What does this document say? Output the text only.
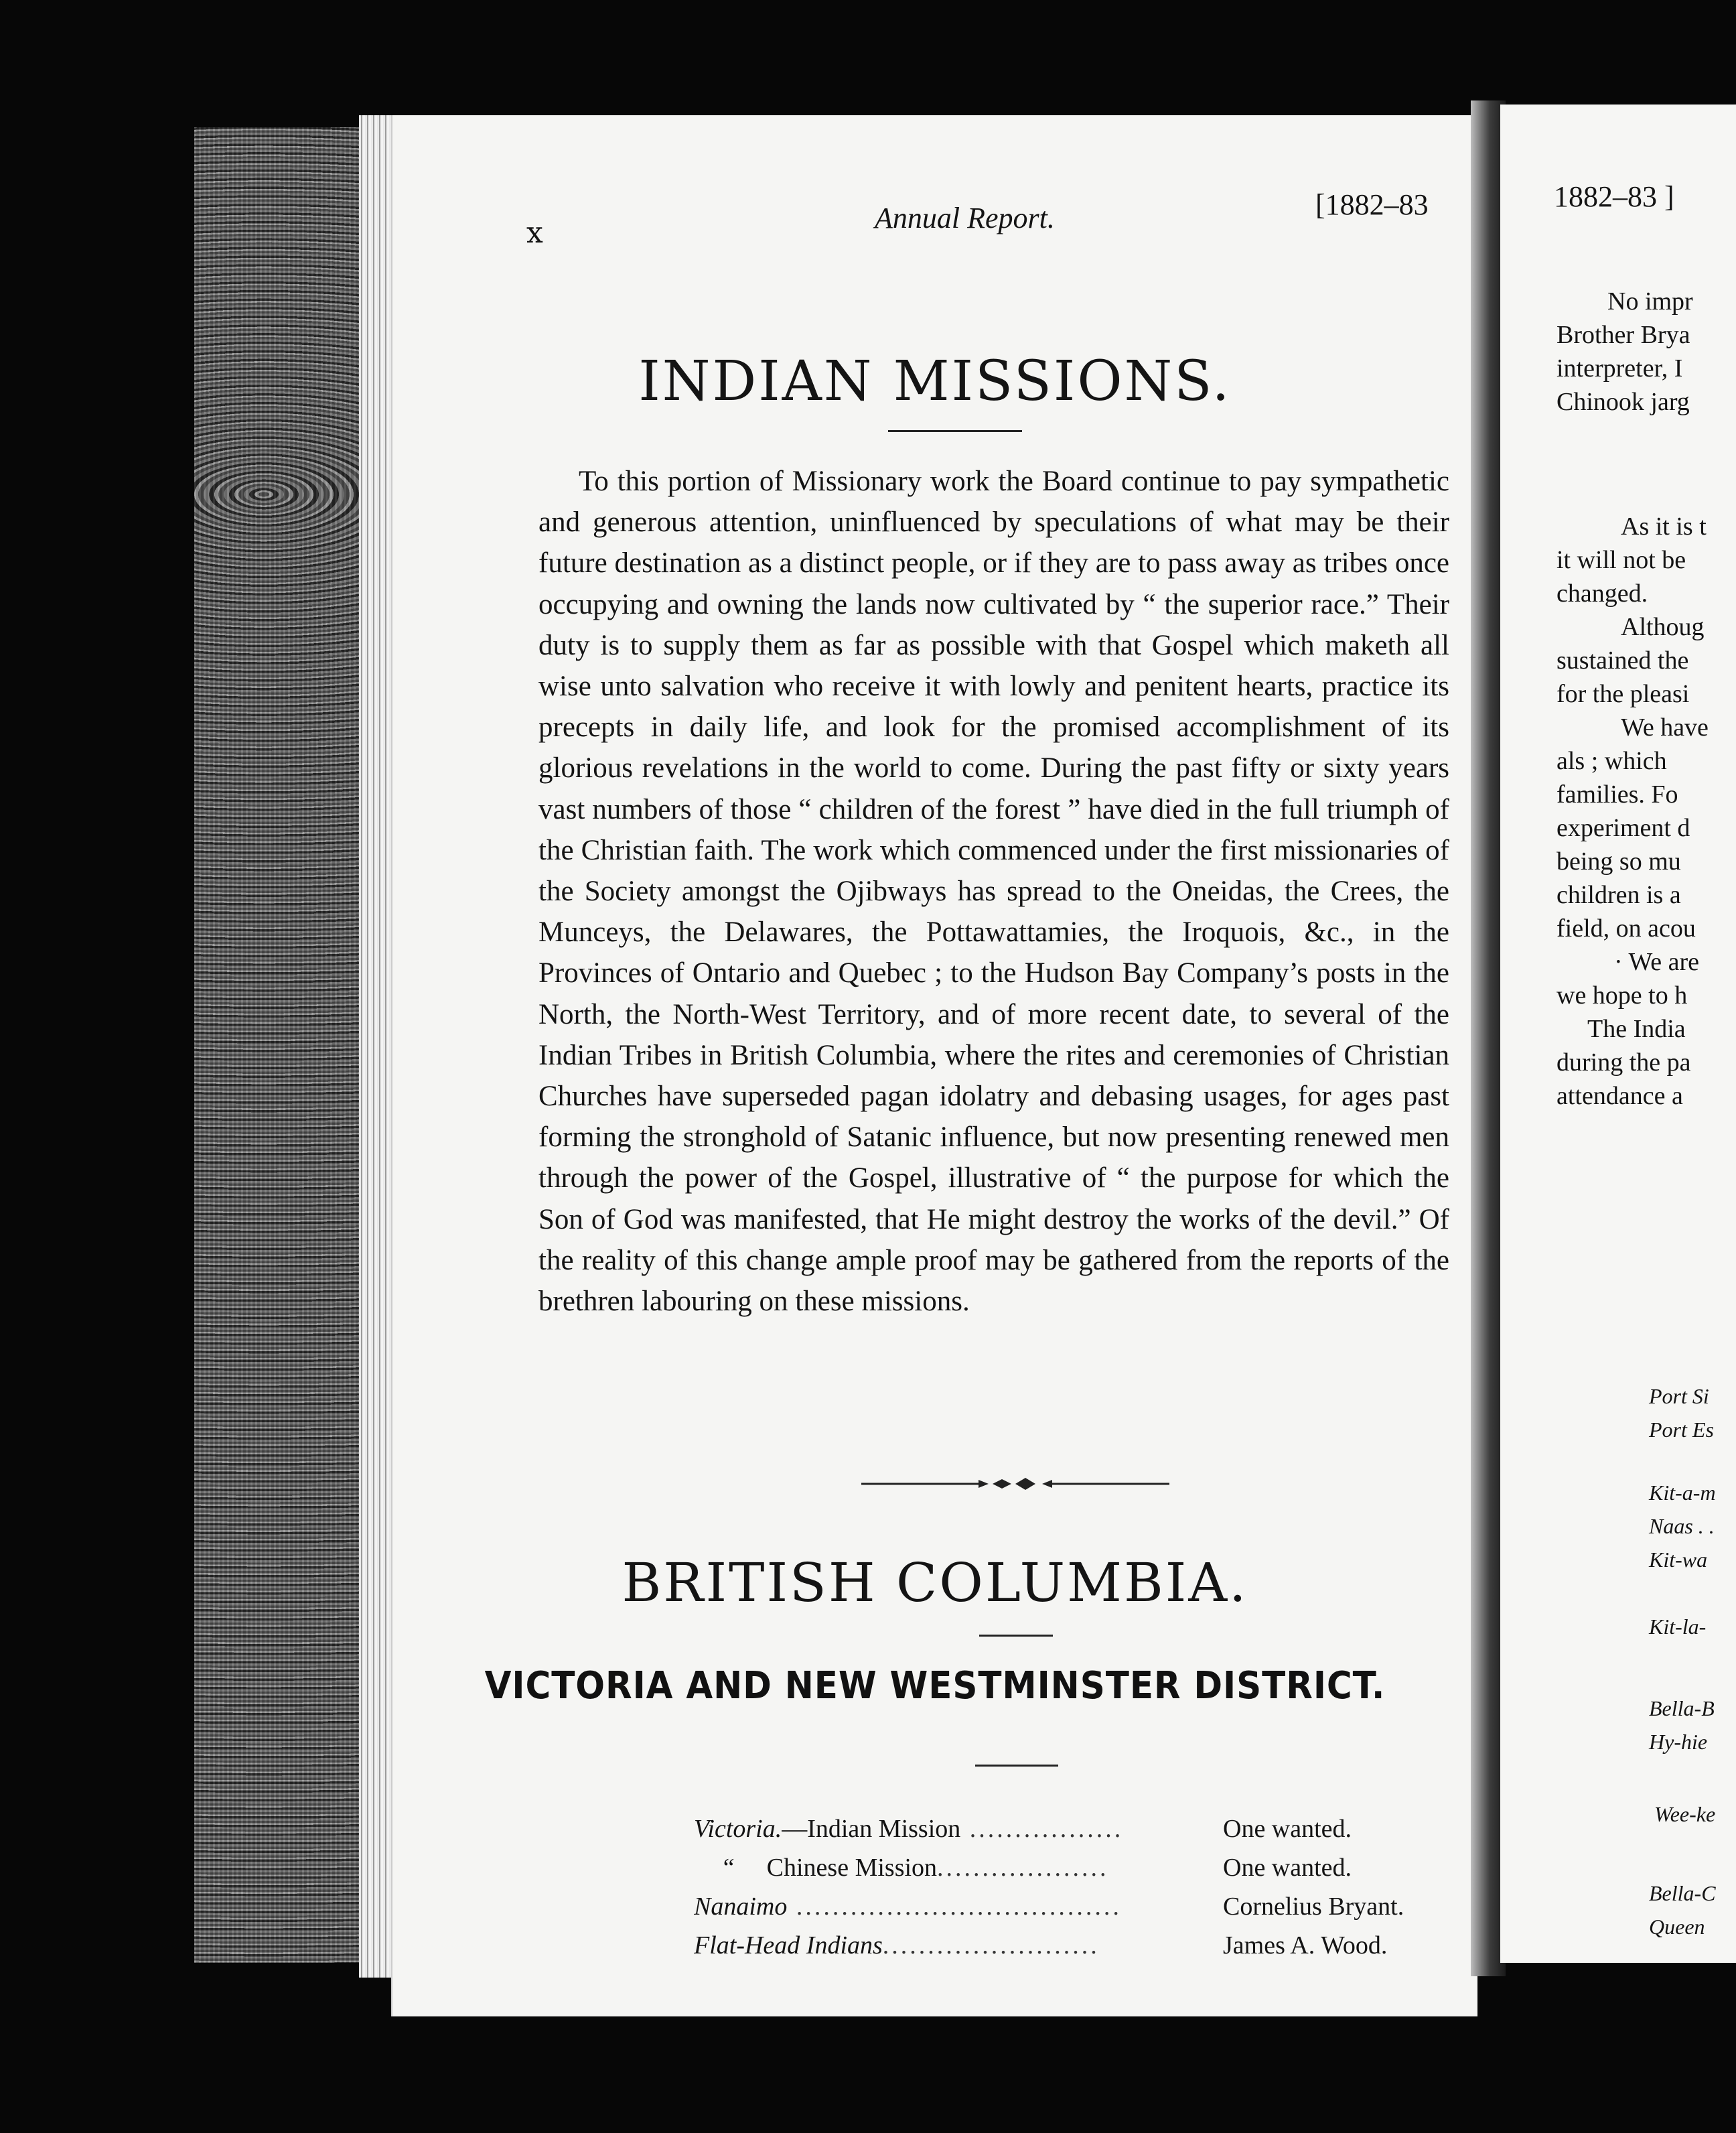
x	Annual Report.	[1882–83
INDIAN MISSIONS.
To this portion of Missionary work the Board continue to pay sympathetic and generous attention, uninfluenced by speculations of what may be their future destination as a distinct people, or if they are to pass away as tribes once occupying and owning the lands now cultivated by “ the superior race.” Their duty is to supply them as far as possible with that Gospel which maketh all wise unto salvation who receive it with lowly and penitent hearts, practice its precepts in daily life, and look for the promised accomplishment of its glorious revelations in the world to come. During the past fifty or sixty years vast numbers of those “ children of the forest ” have died in the full triumph of the Christian faith. The work which commenced under the first missionaries of the Society amongst the Ojibways has spread to the Oneidas, the Crees, the Munceys, the Delawares, the Pottawattamies, the Iroquois, &c., in the Provinces of Ontario and Quebec ; to the Hudson Bay Company’s posts in the North, the North-West Territory, and of more recent date, to several of the Indian Tribes in British Columbia, where the rites and ceremonies of Christian Churches have superseded pagan idolatry and debasing usages, for ages past forming the stronghold of Satanic influence, but now presenting renewed men through the power of the Gospel, illustrative of “ the purpose for which the Son of God was manifested, that He might destroy the works of the devil.” Of the reality of this change ample proof may be gathered from the reports of the brethren labouring on these missions.
BRITISH COLUMBIA.
VICTORIA AND NEW WESTMINSTER DISTRICT.
Victoria.—Indian Mission .................	One wanted.
“     Chinese Mission...................	One wanted.
Nanaimo ....................................	Cornelius Bryant.
Flat-Head Indians........................	James A. Wood.
1882–83 ]
No impr
Brother Brya
interpreter, I
Chinook jarg
As it is t
it will not be
changed.
Althoug
sustained the
for the pleasi
We have
als ; which
families. Fo
experiment d
being so mu
children is a
field, on acou
· We are
we hope to h
The India
during the pa
attendance a
Port Si
Port Es
Kit-a-m
Naas . .
Kit-wa
Kit-la-
Bella-B
Hy-hie
Wee-ke
Bella-C
Queen
